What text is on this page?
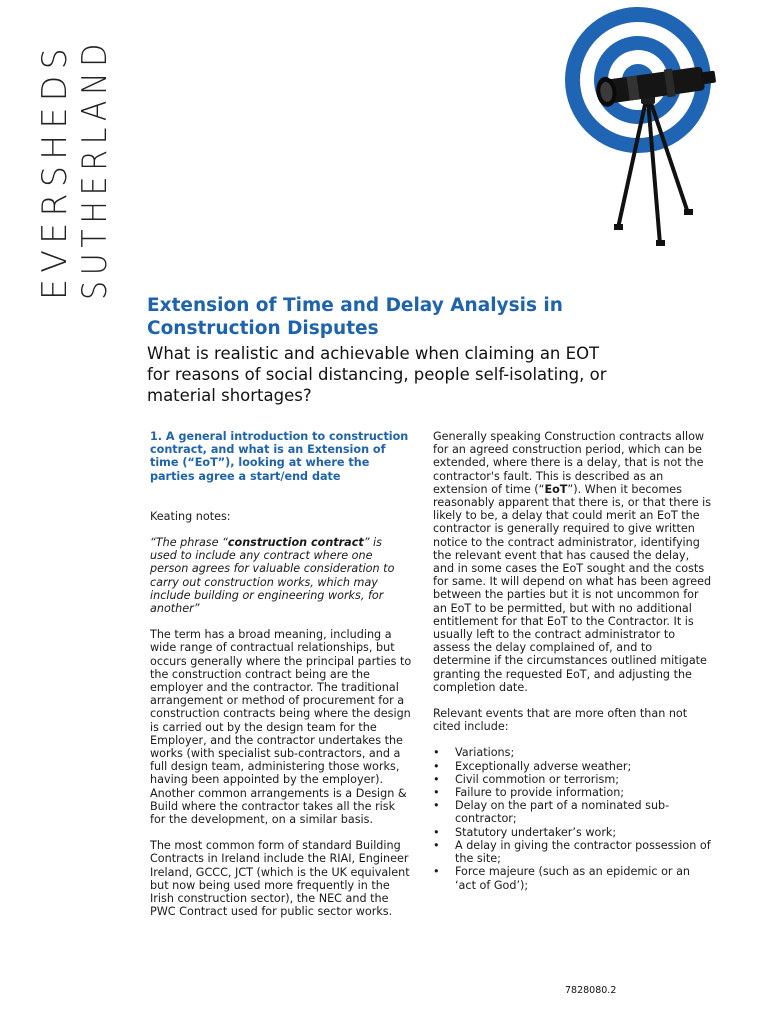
EVERSHEDS SUTHERLAND
Extension of Time and Delay Analysis in Construction Disputes

What is realistic and achievable when claiming an EOT for reasons of social distancing, people self-isolating, or material shortages?

1. A general introduction to construction contract, and what is an Extension of time (“EoT”), looking at where the parties agree a start/end date

Keating notes:

“The phrase “construction contract” is used to include any contract where one person agrees for valuable consideration to carry out construction works, which may include building or engineering works, for another”

The term has a broad meaning, including a wide range of contractual relationships, but occurs generally where the principal parties to the construction contract being are the employer and the contractor. The traditional arrangement or method of procurement for a construction contracts being where the design is carried out by the design team for the Employer, and the contractor undertakes the works (with specialist sub-contractors, and a full design team, administering those works, having been appointed by the employer). Another common arrangements is a Design & Build where the contractor takes all the risk for the development, on a similar basis.

The most common form of standard Building Contracts in Ireland include the RIAI, Engineer Ireland, GCCC, JCT (which is the UK equivalent but now being used more frequently in the Irish construction sector), the NEC and the PWC Contract used for public sector works.

Generally speaking Construction contracts allow for an agreed construction period, which can be extended, where there is a delay, that is not the contractor's fault. This is described as an extension of time (“EoT”). When it becomes reasonably apparent that there is, or that there is likely to be, a delay that could merit an EoT the contractor is generally required to give written notice to the contract administrator, identifying the relevant event that has caused the delay, and in some cases the EoT sought and the costs for same. It will depend on what has been agreed between the parties but it is not uncommon for an EoT to be permitted, but with no additional entitlement for that EoT to the Contractor. It is usually left to the contract administrator to assess the delay complained of, and to determine if the circumstances outlined mitigate granting the requested EoT, and adjusting the completion date.

Relevant events that are more often than not cited include:

• Variations;
• Exceptionally adverse weather;
• Civil commotion or terrorism;
• Failure to provide information;
• Delay on the part of a nominated sub-contractor;
• Statutory undertaker’s work;
• A delay in giving the contractor possession of the site;
• Force majeure (such as an epidemic or an ‘act of God’);
7828080.2
